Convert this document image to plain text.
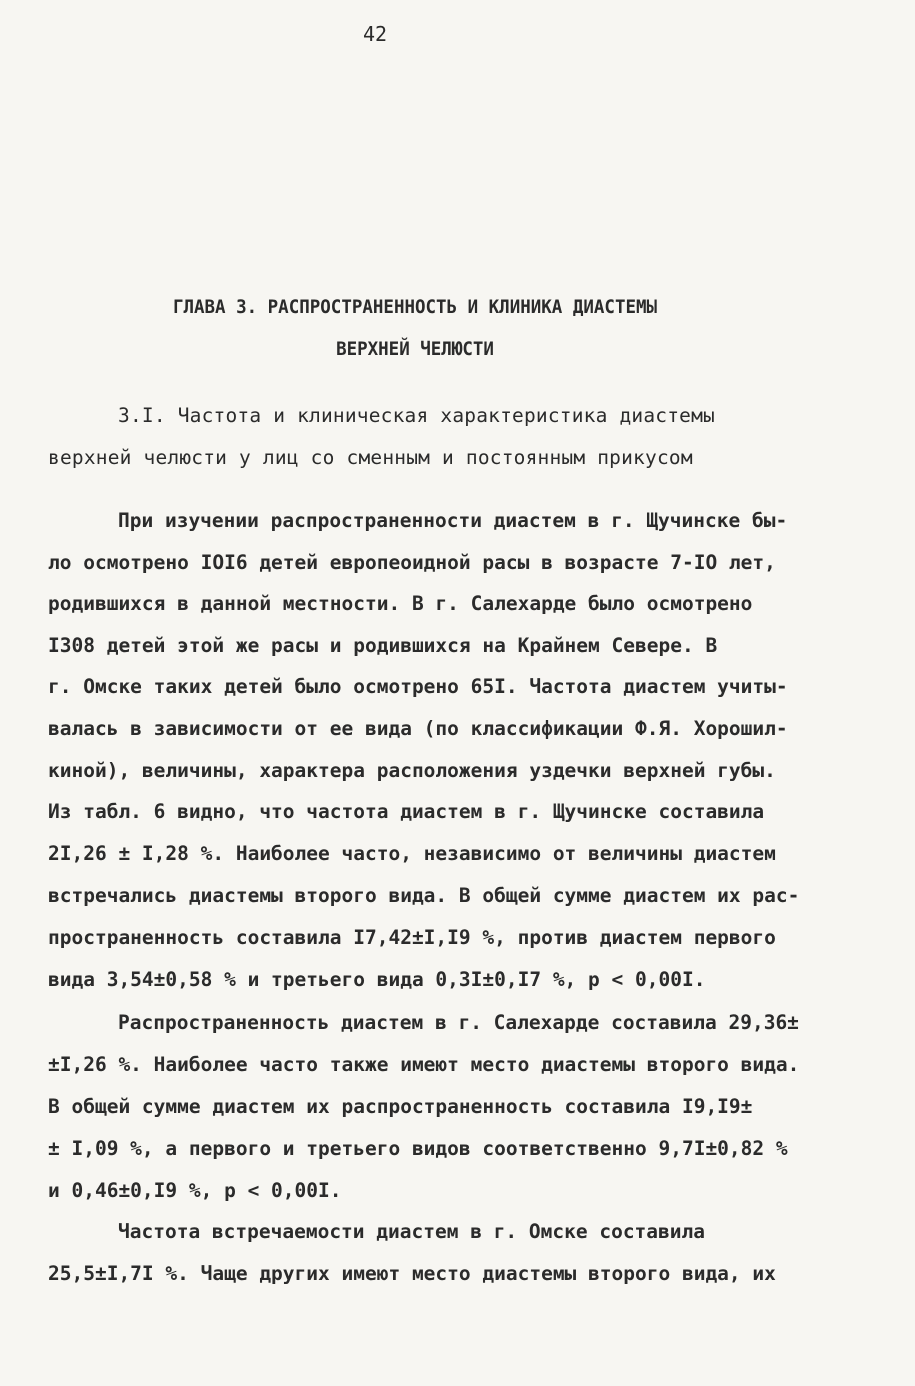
42
ГЛАВА 3. РАСПРОСТРАНЕННОСТЬ И КЛИНИКА ДИАСТЕМЫ
ВЕРХНЕЙ ЧЕЛЮСТИ
3.I. Частота и клиническая характеристика диастемы
верхней челюсти у лиц со сменным и постоянным прикусом
При изучении распространенности диастем в г. Щучинске бы-
ло осмотрено IOI6 детей европеоидной расы в возрасте 7-IO лет,
родившихся в данной местности. В г. Салехарде было осмотрено
I308 детей этой же расы и родившихся на Крайнем Севере. В
г. Омске таких детей было осмотрено 65I. Частота диастем учиты-
валась в зависимости от ее вида (по классификации Ф.Я. Хорошил-
киной), величины, характера расположения уздечки верхней губы.
Из табл. 6 видно, что частота диастем в г. Щучинске составила
2I,26 ± I,28 %. Наиболее часто, независимо от величины диастем
встречались диастемы второго вида. В общей сумме диастем их рас-
пространенность составила I7,42±I,I9 %, против диастем первого
вида 3,54±0,58 % и третьего вида 0,3I±0,I7 %, р < 0,00I.
Распространенность диастем в г. Салехарде составила 29,36±
±I,26 %. Наиболее часто также имеют место диастемы второго вида.
В общей сумме диастем их распространенность составила I9,I9±
± I,09 %, а первого и третьего видов соответственно 9,7I±0,82 %
и 0,46±0,I9 %, р < 0,00I.
Частота встречаемости диастем в г. Омске составила
25,5±I,7I %. Чаще других имеют место диастемы второго вида, их
